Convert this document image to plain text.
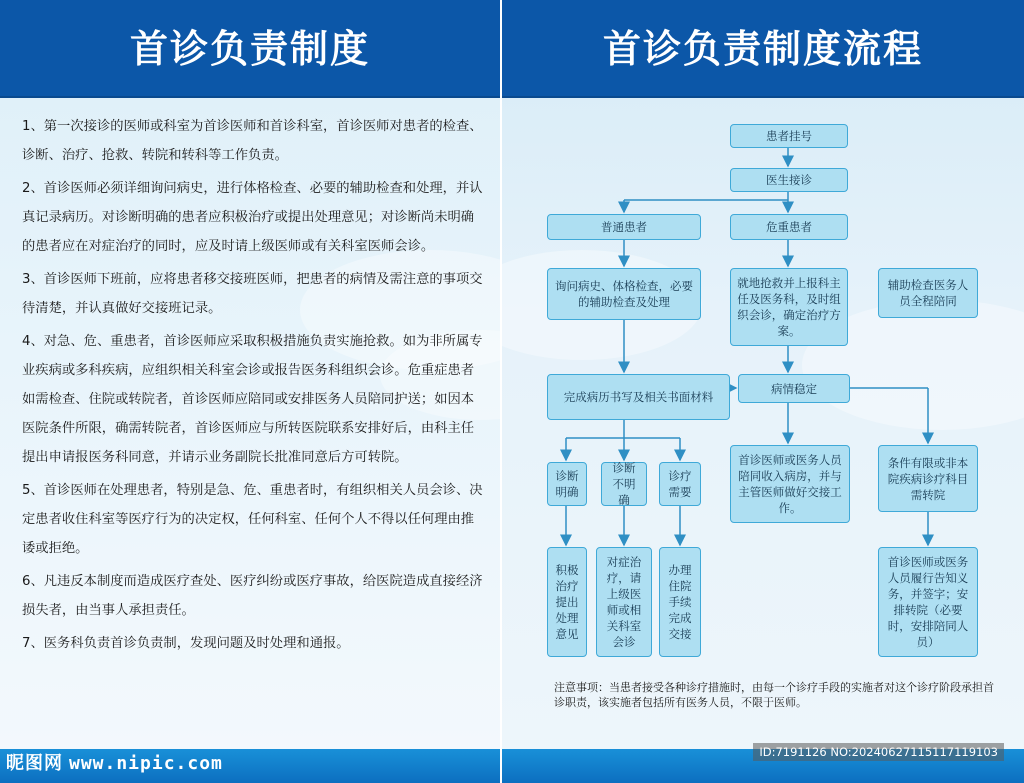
首诊负责制度

1、第一次接诊的医师或科室为首诊医师和首诊科室，首诊医师对患者的检查、诊断、治疗、抢救、转院和转科等工作负责。

2、首诊医师必须详细询问病史，进行体格检查、必要的辅助检查和处理，并认真记录病历。对诊断明确的患者应积极治疗或提出处理意见；对诊断尚未明确的患者应在对症治疗的同时，应及时请上级医师或有关科室医师会诊。

3、首诊医师下班前，应将患者移交接班医师，把患者的病情及需注意的事项交待清楚，并认真做好交接班记录。

4、对急、危、重患者，首诊医师应采取积极措施负责实施抢救。如为非所属专业疾病或多科疾病，应组织相关科室会诊或报告医务科组织会诊。危重症患者如需检查、住院或转院者，首诊医师应陪同或安排医务人员陪同护送；如因本医院条件所限，确需转院者，首诊医师应与所转医院联系安排好后，由科主任提出申请报医务科同意，并请示业务副院长批准同意后方可转院。

5、首诊医师在处理患者，特别是急、危、重患者时，有组织相关人员会诊、决定患者收住科室等医疗行为的决定权，任何科室、任何个人不得以任何理由推诿或拒绝。

6、凡违反本制度而造成医疗查处、医疗纠纷或医疗事故，给医院造成直接经济损失者，由当事人承担责任。

7、医务科负责首诊负责制，发现问题及时处理和通报。

昵图网 www.nipic.com
首诊负责制度流程
患者挂号
医生接诊
普通患者	危重患者
询问病史、体格检查，必要的辅助检查及处理
就地抢救并上报科主任及医务科，及时组织会诊，确定治疗方案。
辅助检查医务人员全程陪同
完成病历书写及相关书面材料
病情稳定
诊断明确
诊断不明确
诊疗需要
首诊医师或医务人员陪同收入病房，并与主管医师做好交接工作。
条件有限或非本院疾病诊疗科目需转院
积极治疗提出处理意见
对症治疗，请上级医师或相关科室会诊
办理住院手续完成交接
首诊医师或医务人员履行告知义务，并签字；安排转院（必要时，安排陪同人员）

注意事项：当患者接受各种诊疗措施时，由每一个诊疗手段的实施者对这个诊疗阶段承担首诊职责，该实施者包括所有医务人员，不限于医师。

ID:7191126 NO:20240627115117119103
